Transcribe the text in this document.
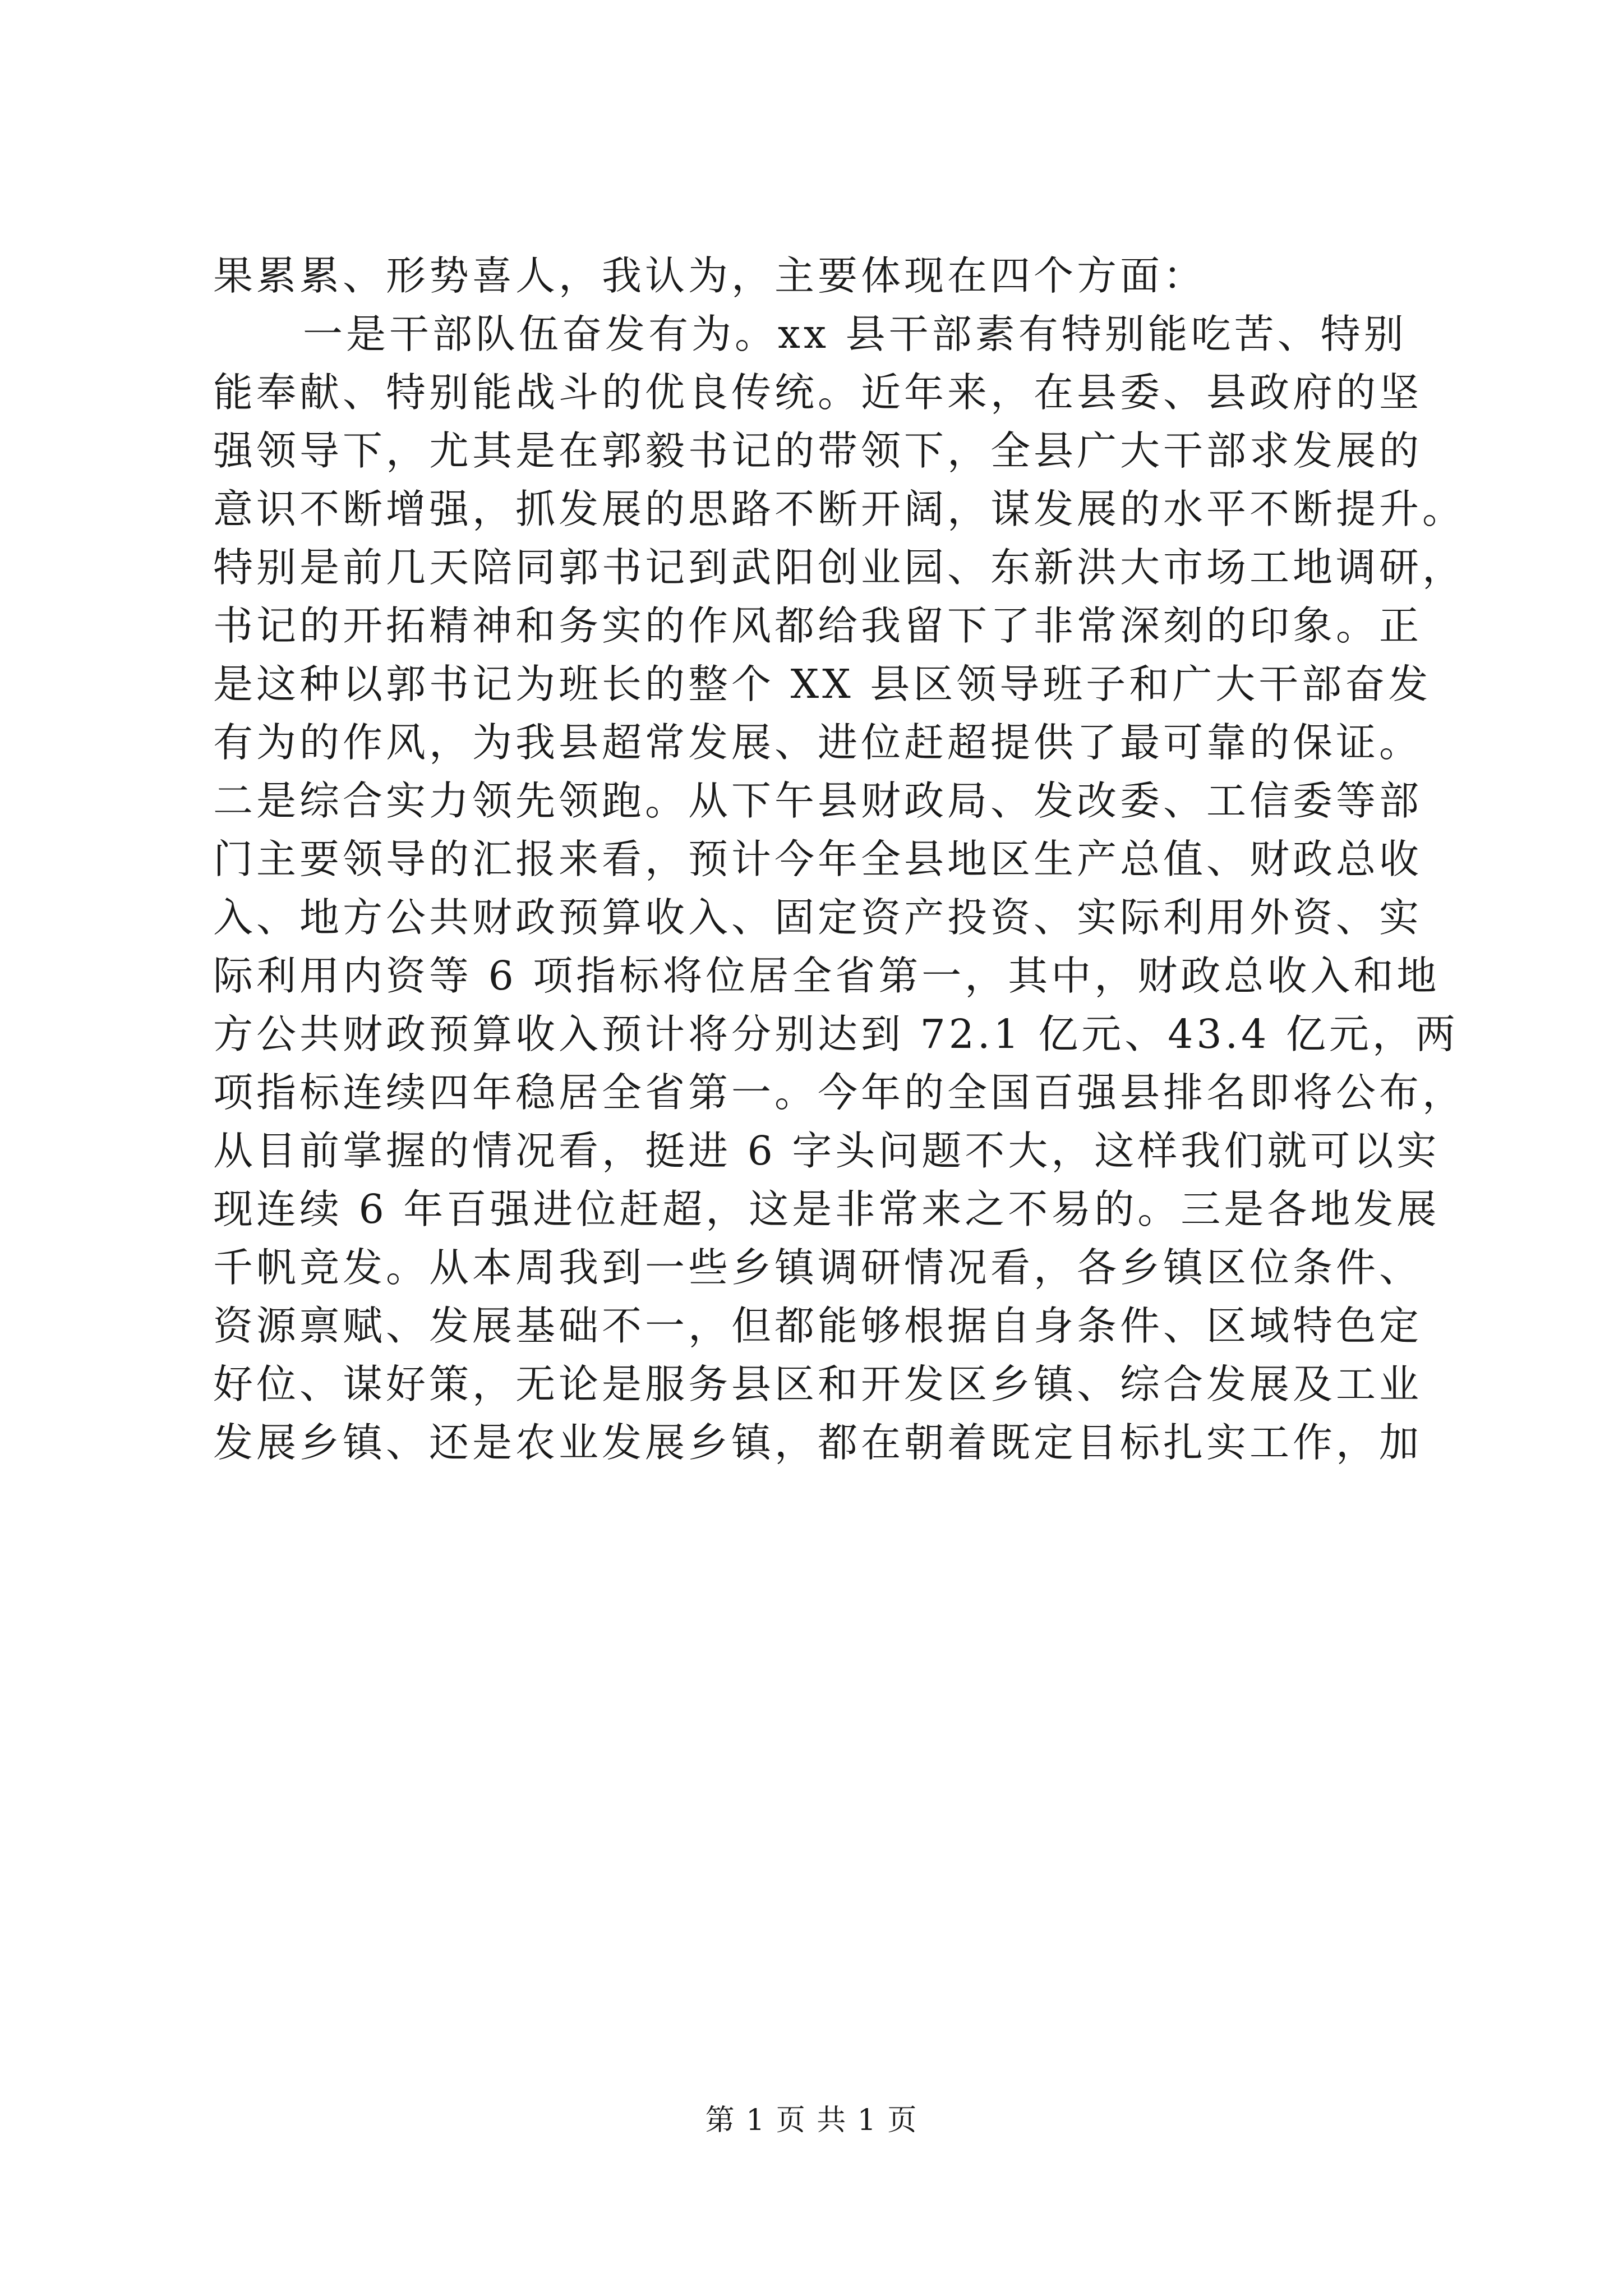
果累累、形势喜人，我认为，主要体现在四个方面：
一是干部队伍奋发有为。xx 县干部素有特别能吃苦、特别
能奉献、特别能战斗的优良传统。近年来，在县委、县政府的坚
强领导下，尤其是在郭毅书记的带领下，全县广大干部求发展的
意识不断增强，抓发展的思路不断开阔，谋发展的水平不断提升。
特别是前几天陪同郭书记到武阳创业园、东新洪大市场工地调研，
书记的开拓精神和务实的作风都给我留下了非常深刻的印象。正
是这种以郭书记为班长的整个 XX 县区领导班子和广大干部奋发
有为的作风，为我县超常发展、进位赶超提供了最可靠的保证。
二是综合实力领先领跑。从下午县财政局、发改委、工信委等部
门主要领导的汇报来看，预计今年全县地区生产总值、财政总收
入、地方公共财政预算收入、固定资产投资、实际利用外资、实
际利用内资等 6 项指标将位居全省第一，其中，财政总收入和地
方公共财政预算收入预计将分别达到 72.1 亿元、43.4 亿元，两
项指标连续四年稳居全省第一。今年的全国百强县排名即将公布，
从目前掌握的情况看，挺进 6 字头问题不大，这样我们就可以实
现连续 6 年百强进位赶超，这是非常来之不易的。三是各地发展
千帆竞发。从本周我到一些乡镇调研情况看，各乡镇区位条件、
资源禀赋、发展基础不一，但都能够根据自身条件、区域特色定
好位、谋好策，无论是服务县区和开发区乡镇、综合发展及工业
发展乡镇、还是农业发展乡镇，都在朝着既定目标扎实工作，加
第 1 页 共 1 页
